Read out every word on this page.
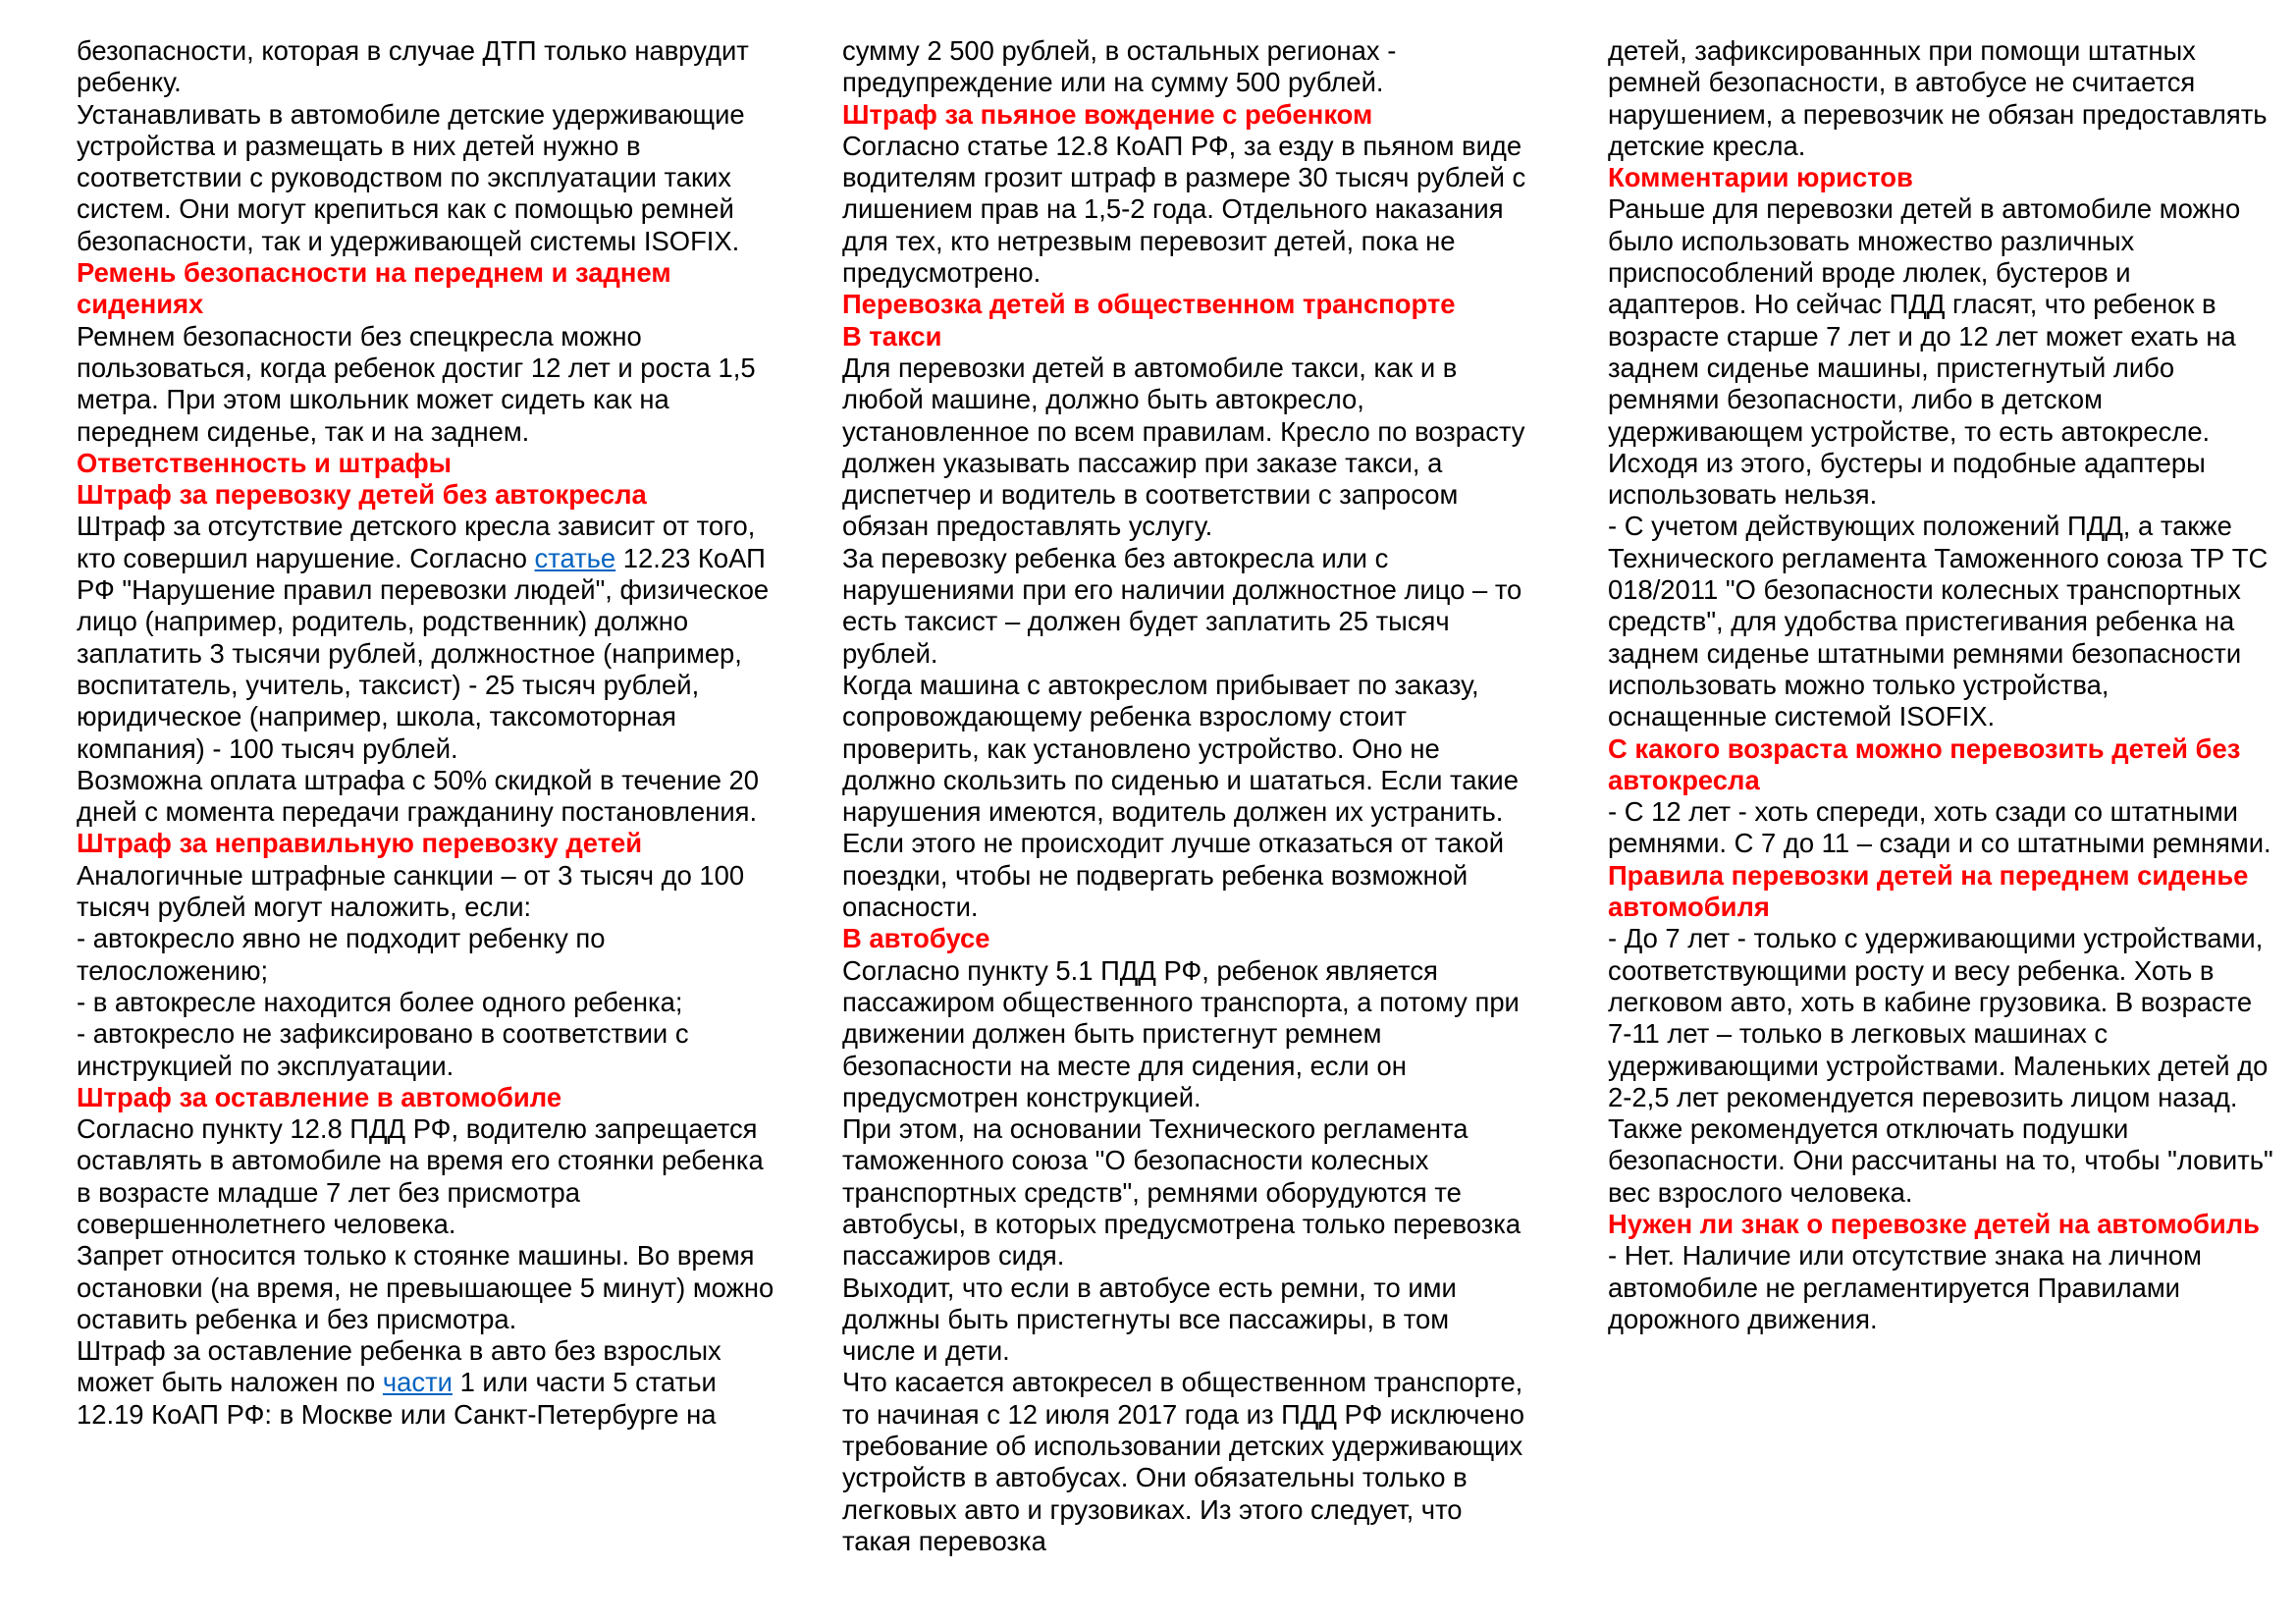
безопасности, которая в случае ДТП только наврудит ребенку.

Устанавливать в автомобиле детские удерживающие устройства и размещать в них детей нужно в соответствии с руководством по эксплуатации таких систем. Они могут крепиться как с помощью ремней безопасности, так и удерживающей системы ISOFIX.

Ремень безопасности на переднем и заднем сидениях

Ремнем безопасности без спецкресла можно пользоваться, когда ребенок достиг 12 лет и роста 1,5 метра. При этом школьник может сидеть как на переднем сиденье, так и на заднем.

Ответственность и штрафы

Штраф за перевозку детей без автокресла

Штраф за отсутствие детского кресла зависит от того, кто совершил нарушение. Согласно статье 12.23 КоАП РФ "Нарушение правил перевозки людей", физическое лицо (например, родитель, родственник) должно заплатить 3 тысячи рублей, должностное (например, воспитатель, учитель, таксист) - 25 тысяч рублей, юридическое (например, школа, таксомоторная компания) - 100 тысяч рублей.

Возможна оплата штрафа с 50% скидкой в течение 20 дней с момента передачи гражданину постановления.

Штраф за неправильную перевозку детей

Аналогичные штрафные санкции – от 3 тысяч до 100 тысяч рублей могут наложить, если:

- автокресло явно не подходит ребенку по телосложению;

- в автокресле находится более одного ребенка;

- автокресло не зафиксировано в соответствии с инструкцией по эксплуатации.

Штраф за оставление в автомобиле

Согласно пункту 12.8 ПДД РФ, водителю запрещается оставлять в автомобиле на время его стоянки ребенка в возрасте младше 7 лет без присмотра совершеннолетнего человека.

Запрет относится только к стоянке машины. Во время остановки (на время, не превышающее 5 минут) можно оставить ребенка и без присмотра.

Штраф за оставление ребенка в авто без взрослых может быть наложен по части 1 или части 5 статьи 12.19 КоАП РФ: в Москве или Санкт-Петербурге на

сумму 2 500 рублей, в остальных регионах - предупреждение или на сумму 500 рублей.

Штраф за пьяное вождение с ребенком

Согласно статье 12.8 КоАП РФ, за езду в пьяном виде водителям грозит штраф в размере 30 тысяч рублей с лишением прав на 1,5-2 года. Отдельного наказания для тех, кто нетрезвым перевозит детей, пока не предусмотрено.

Перевозка детей в общественном транспорте

В такси

Для перевозки детей в автомобиле такси, как и в любой машине, должно быть автокресло, установленное по всем правилам. Кресло по возрасту должен указывать пассажир при заказе такси, а диспетчер и водитель в соответствии с запросом обязан предоставлять услугу.

За перевозку ребенка без автокресла или с нарушениями при его наличии должностное лицо – то есть таксист – должен будет заплатить 25 тысяч рублей.

Когда машина с автокреслом прибывает по заказу, сопровождающему ребенка взрослому стоит проверить, как установлено устройство. Оно не должно скользить по сиденью и шататься. Если такие нарушения имеются, водитель должен их устранить. Если этого не происходит лучше отказаться от такой поездки, чтобы не подвергать ребенка возможной опасности.

В автобусе

Согласно пункту 5.1 ПДД РФ, ребенок является пассажиром общественного транспорта, а потому при движении должен быть пристегнут ремнем безопасности на месте для сидения, если он предусмотрен конструкцией.

При этом, на основании Технического регламента таможенного союза "О безопасности колесных транспортных средств", ремнями оборудуются те автобусы, в которых предусмотрена только перевозка пассажиров сидя.

Выходит, что если в автобусе есть ремни, то ими должны быть пристегнуты все пассажиры, в том числе и дети.

Что касается автокресел в общественном транспорте, то начиная с 12 июля 2017 года из ПДД РФ исключено требование об использовании детских удерживающих устройств в автобусах. Они обязательны только в легковых авто и грузовиках. Из этого следует, что такая перевозка

детей, зафиксированных при помощи штатных ремней безопасности, в автобусе не считается нарушением, а перевозчик не обязан предоставлять детские кресла.

Комментарии юристов

Раньше для перевозки детей в автомобиле можно было использовать множество различных приспособлений вроде люлек, бустеров и адаптеров. Но сейчас ПДД гласят, что ребенок в возрасте старше 7 лет и до 12 лет может ехать на заднем сиденье машины, пристегнутый либо ремнями безопасности, либо в детском удерживающем устройстве, то есть автокресле. Исходя из этого, бустеры и подобные адаптеры использовать нельзя.

- С учетом действующих положений ПДД, а также Технического регламента Таможенного союза ТР ТС 018/2011 "О безопасности колесных транспортных средств", для удобства пристегивания ребенка на заднем сиденье штатными ремнями безопасности использовать можно только устройства, оснащенные системой ISOFIX.

С какого возраста можно перевозить детей без автокресла

- С 12 лет - хоть спереди, хоть сзади со штатными ремнями. С 7 до 11 – сзади и со штатными ремнями.

Правила перевозки детей на переднем сиденье автомобиля

- До 7 лет - только с удерживающими устройствами, соответствующими росту и весу ребенка. Хоть в легковом авто, хоть в кабине грузовика. В возрасте 7-11 лет – только в легковых машинах с удерживающими устройствами. Маленьких детей до 2-2,5 лет рекомендуется перевозить лицом назад. Также рекомендуется отключать подушки безопасности. Они рассчитаны на то, чтобы "ловить" вес взрослого человека.

Нужен ли знак о перевозке детей на автомобиль

- Нет. Наличие или отсутствие знака на личном автомобиле не регламентируется Правилами дорожного движения.
